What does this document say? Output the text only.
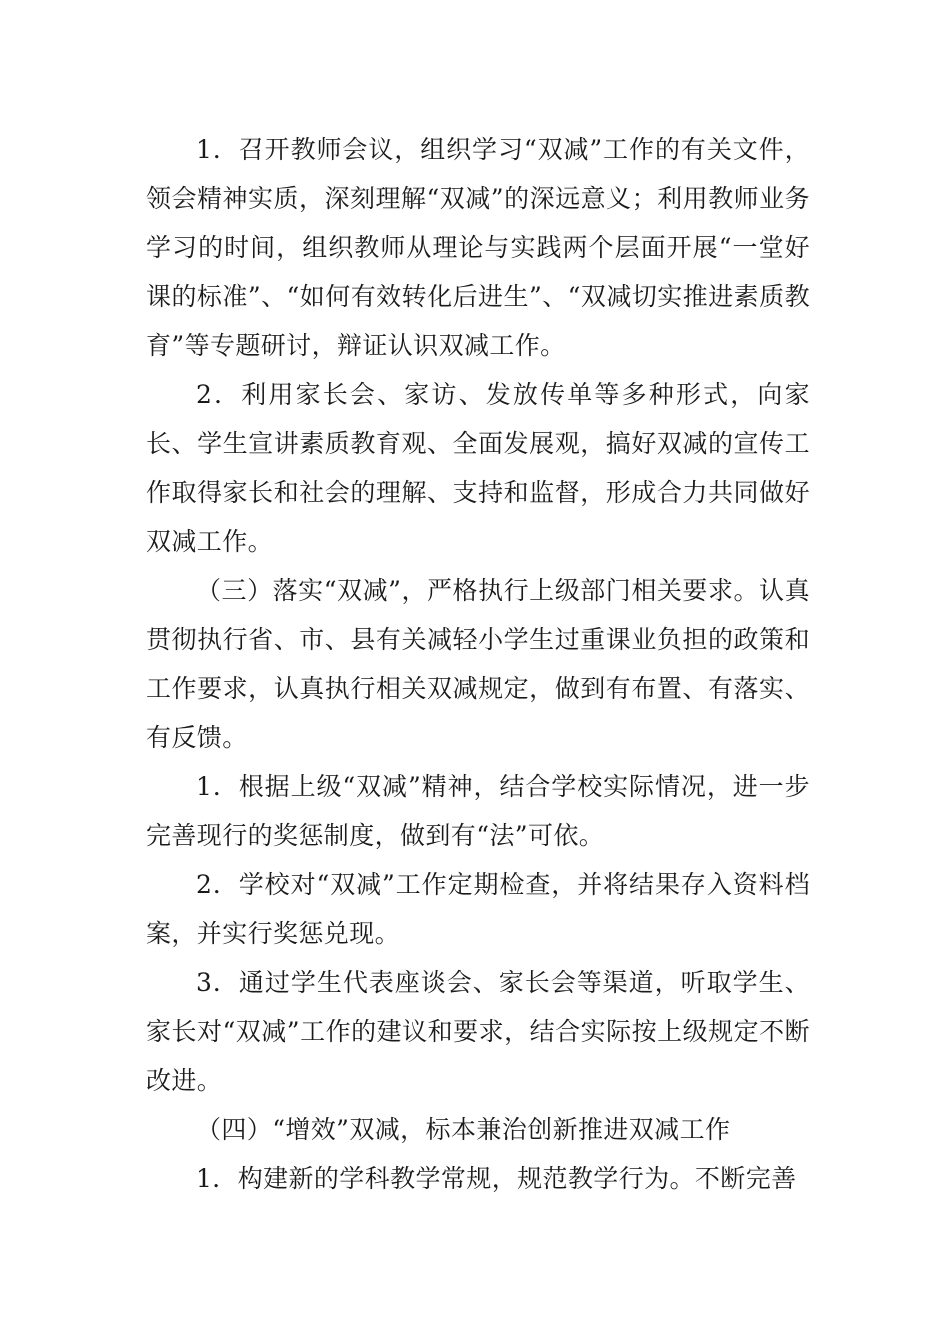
1．召开教师会议，组织学习“双减”工作的有关文件，领会精神实质，深刻理解“双减”的深远意义；利用教师业务学习的时间，组织教师从理论与实践两个层面开展“一堂好课的标准”、“如何有效转化后进生”、“双减切实推进素质教育”等专题研讨，辩证认识双减工作。

2．利用家长会、家访、发放传单等多种形式，向家长、学生宣讲素质教育观、全面发展观，搞好双减的宣传工作取得家长和社会的理解、支持和监督，形成合力共同做好双减工作。

（三）落实“双减”，严格执行上级部门相关要求。认真贯彻执行省、市、县有关减轻小学生过重课业负担的政策和工作要求，认真执行相关双减规定，做到有布置、有落实、有反馈。

1．根据上级“双减”精神，结合学校实际情况，进一步完善现行的奖惩制度，做到有“法”可依。

2．学校对“双减”工作定期检查，并将结果存入资料档案，并实行奖惩兑现。

3．通过学生代表座谈会、家长会等渠道，听取学生、家长对“双减”工作的建议和要求，结合实际按上级规定不断改进。

（四）“增效”双减，标本兼治创新推进双减工作

1．构建新的学科教学常规，规范教学行为。不断完善
